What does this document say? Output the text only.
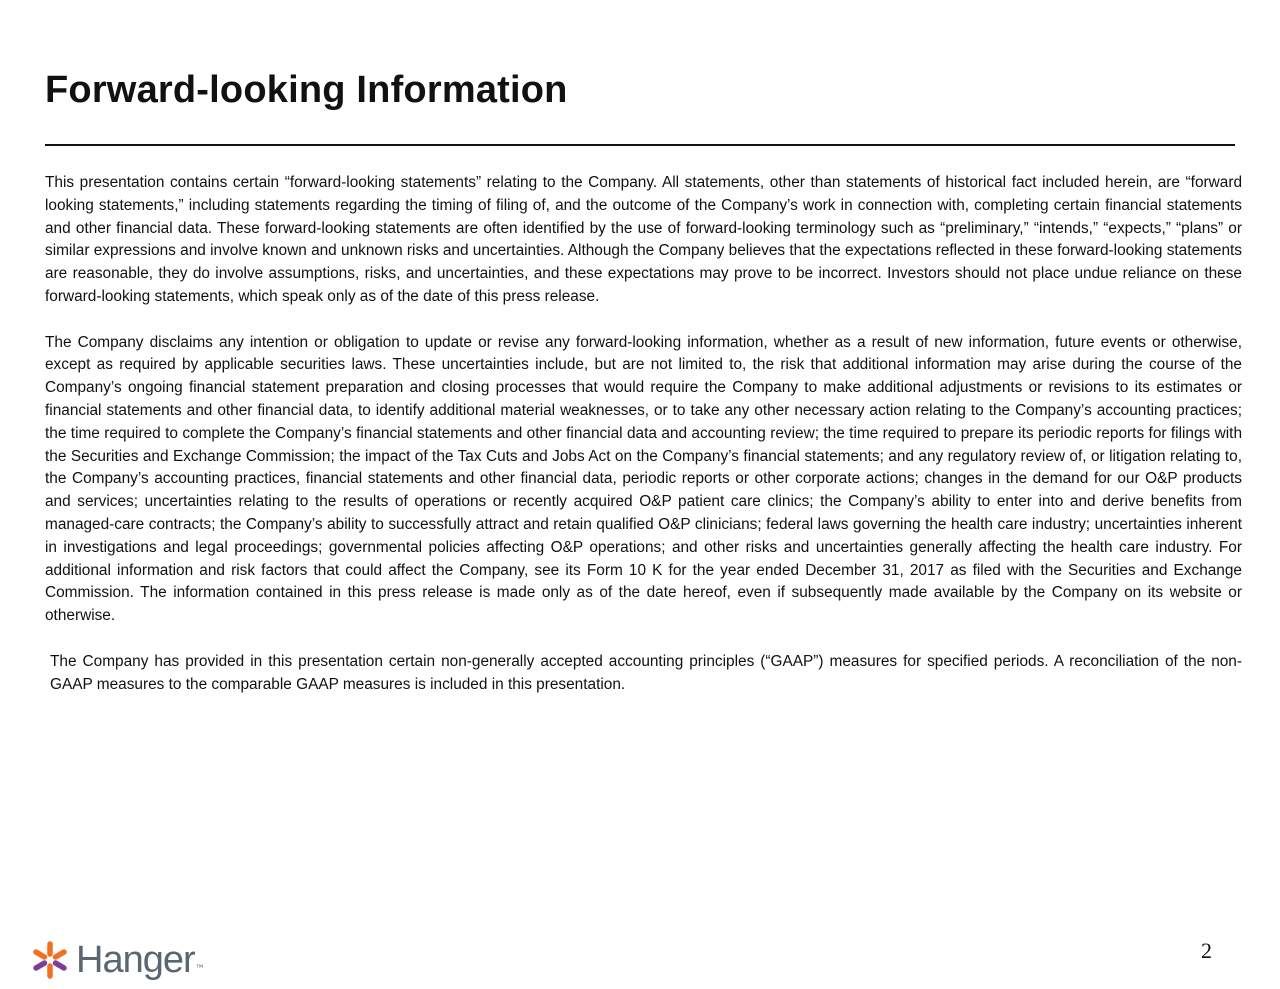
Forward-looking Information

This presentation contains certain “forward-looking statements” relating to the Company. All statements, other than statements of historical fact included herein, are “forward looking statements,” including statements regarding the timing of filing of, and the outcome of the Company’s work in connection with, completing certain financial statements and other financial data. These forward-looking statements are often identified by the use of forward-looking terminology such as “preliminary,” “intends,” “expects,” “plans” or similar expressions and involve known and unknown risks and uncertainties. Although the Company believes that the expectations reflected in these forward-looking statements are reasonable, they do involve assumptions, risks, and uncertainties, and these expectations may prove to be incorrect. Investors should not place undue reliance on these forward-looking statements, which speak only as of the date of this press release.

The Company disclaims any intention or obligation to update or revise any forward-looking information, whether as a result of new information, future events or otherwise, except as required by applicable securities laws. These uncertainties include, but are not limited to, the risk that additional information may arise during the course of the Company’s ongoing financial statement preparation and closing processes that would require the Company to make additional adjustments or revisions to its estimates or financial statements and other financial data, to identify additional material weaknesses, or to take any other necessary action relating to the Company’s accounting practices; the time required to complete the Company’s financial statements and other financial data and accounting review; the time required to prepare its periodic reports for filings with the Securities and Exchange Commission; the impact of the Tax Cuts and Jobs Act on the Company’s financial statements; and any regulatory review of, or litigation relating to, the Company’s accounting practices, financial statements and other financial data, periodic reports or other corporate actions; changes in the demand for our O&P products and services; uncertainties relating to the results of operations or recently acquired O&P patient care clinics; the Company’s ability to enter into and derive benefits from managed-care contracts; the Company’s ability to successfully attract and retain qualified O&P clinicians; federal laws governing the health care industry; uncertainties inherent in investigations and legal proceedings; governmental policies affecting O&P operations; and other risks and uncertainties generally affecting the health care industry. For additional information and risk factors that could affect the Company, see its Form 10 K for the year ended December 31, 2017 as filed with the Securities and Exchange Commission. The information contained in this press release is made only as of the date hereof, even if subsequently made available by the Company on its website or otherwise.

The Company has provided in this presentation certain non-generally accepted accounting principles (“GAAP”) measures for specified periods. A reconciliation of the non-GAAP measures to the comparable GAAP measures is included in this presentation.

Hanger ™
2
